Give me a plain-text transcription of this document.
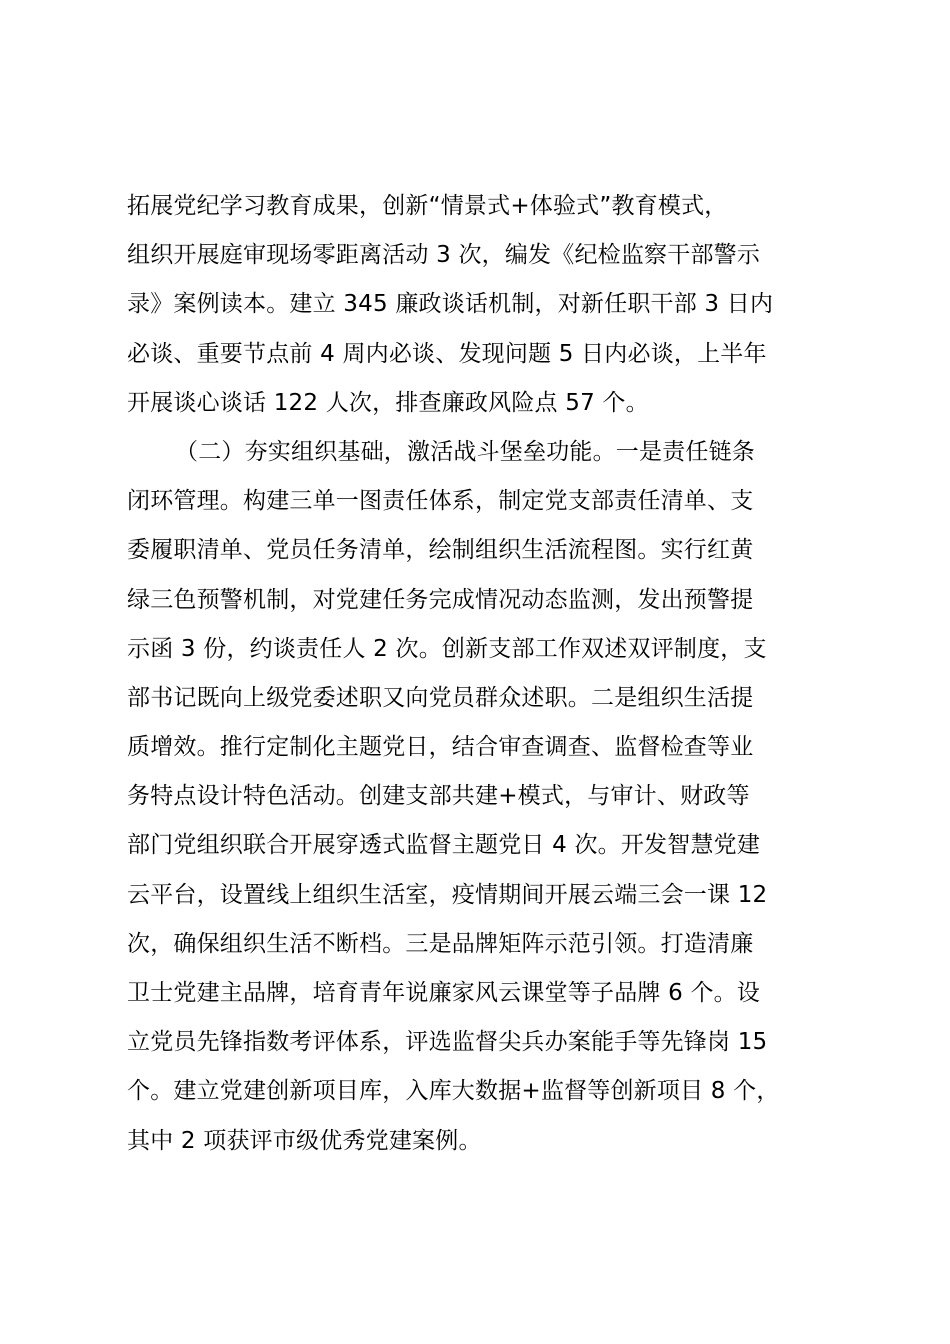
拓展党纪学习教育成果，创新“情景式+体验式”教育模式，
组织开展庭审现场零距离活动 3 次，编发《纪检监察干部警示
录》案例读本。建立 345 廉政谈话机制，对新任职干部 3 日内
必谈、重要节点前 4 周内必谈、发现问题 5 日内必谈，上半年
开展谈心谈话 122 人次，排查廉政风险点 57 个。
（二）夯实组织基础，激活战斗堡垒功能。一是责任链条
闭环管理。构建三单一图责任体系，制定党支部责任清单、支
委履职清单、党员任务清单，绘制组织生活流程图。实行红黄
绿三色预警机制，对党建任务完成情况动态监测，发出预警提
示函 3 份，约谈责任人 2 次。创新支部工作双述双评制度，支
部书记既向上级党委述职又向党员群众述职。二是组织生活提
质增效。推行定制化主题党日，结合审查调查、监督检查等业
务特点设计特色活动。创建支部共建+模式，与审计、财政等
部门党组织联合开展穿透式监督主题党日 4 次。开发智慧党建
云平台，设置线上组织生活室，疫情期间开展云端三会一课 12
次，确保组织生活不断档。三是品牌矩阵示范引领。打造清廉
卫士党建主品牌，培育青年说廉家风云课堂等子品牌 6 个。设
立党员先锋指数考评体系，评选监督尖兵办案能手等先锋岗 15
个。建立党建创新项目库，入库大数据+监督等创新项目 8 个，
其中 2 项获评市级优秀党建案例。
